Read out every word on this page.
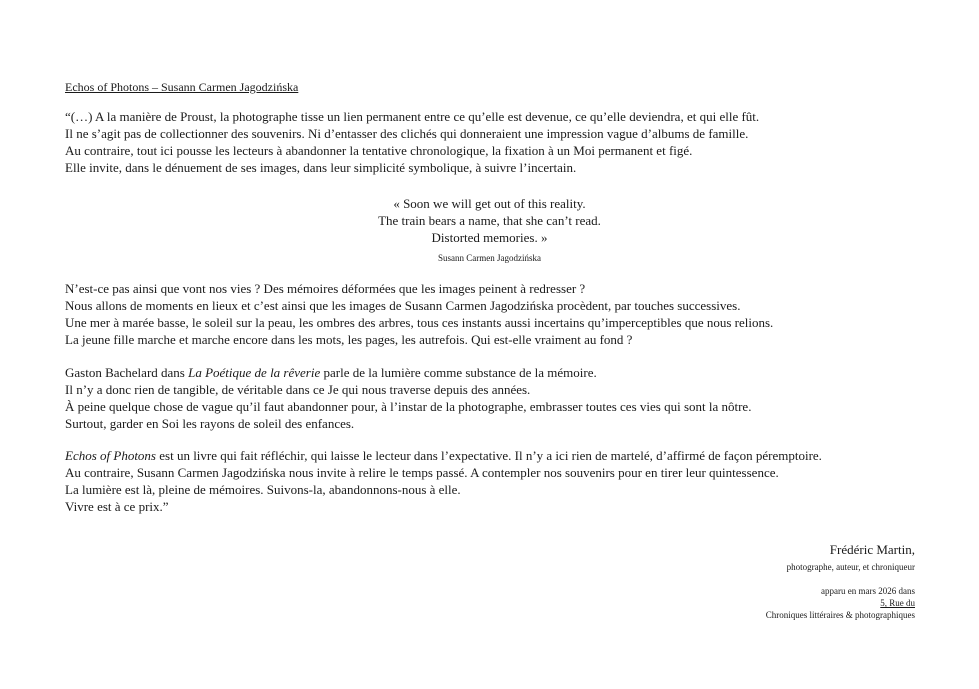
Echos of Photons – Susann Carmen Jagodzińska
“(…) A la manière de Proust, la photographe tisse un lien permanent entre ce qu’elle est devenue, ce qu’elle deviendra, et qui elle fût.
Il ne s’agit pas de collectionner des souvenirs. Ni d’entasser des clichés qui donneraient une impression vague d’albums de famille.
Au contraire, tout ici pousse les lecteurs à abandonner la tentative chronologique, la fixation à un Moi permanent et figé.
Elle invite, dans le dénuement de ses images, dans leur simplicité symbolique, à suivre l’incertain.
« Soon we will get out of this reality.
The train bears a name, that she can’t read.
Distorted memories. »
Susann Carmen Jagodzińska
N’est-ce pas ainsi que vont nos vies ? Des mémoires déformées que les images peinent à redresser ?
Nous allons de moments en lieux et c’est ainsi que les images de Susann Carmen Jagodzińska procèdent, par touches successives.
Une mer à marée basse, le soleil sur la peau, les ombres des arbres, tous ces instants aussi incertains qu’imperceptibles que nous relions.
La jeune fille marche et marche encore dans les mots, les pages, les autrefois. Qui est-elle vraiment au fond ?
Gaston Bachelard dans La Poétique de la rêverie parle de la lumière comme substance de la mémoire.
Il n’y a donc rien de tangible, de véritable dans ce Je qui nous traverse depuis des années.
À peine quelque chose de vague qu’il faut abandonner pour, à l’instar de la photographe, embrasser toutes ces vies qui sont la nôtre.
Surtout, garder en Soi les rayons de soleil des enfances.
Echos of Photons est un livre qui fait réfléchir, qui laisse le lecteur dans l’expectative. Il n’y a ici rien de martelé, d’affirmé de façon péremptoire.
Au contraire, Susann Carmen Jagodzińska nous invite à relire le temps passé. A contempler nos souvenirs pour en tirer leur quintessence.
La lumière est là, pleine de mémoires. Suivons-la, abandonnons-nous à elle.
Vivre est à ce prix.”
Frédéric Martin,
photographe, auteur, et chroniqueur
apparu en mars 2026 dans
5, Rue du
Chroniques littéraires & photographiques
